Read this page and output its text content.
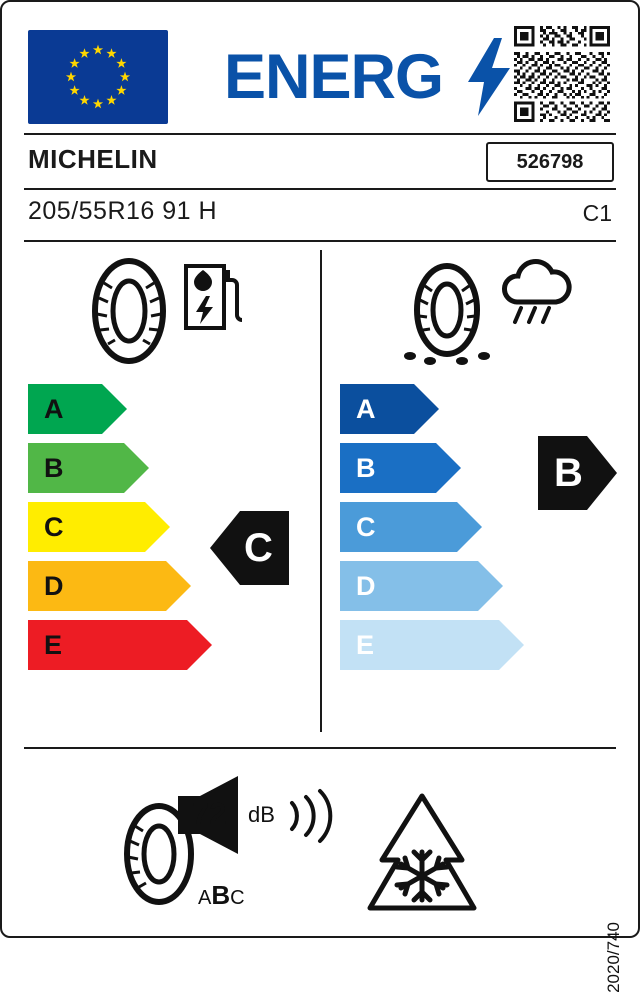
ENERG
MICHELIN	526798
205/55R16 91 H	C1
A
B
C
D
E
C
A
B
C
D
E
B
72 dB
ABC
2020/740
